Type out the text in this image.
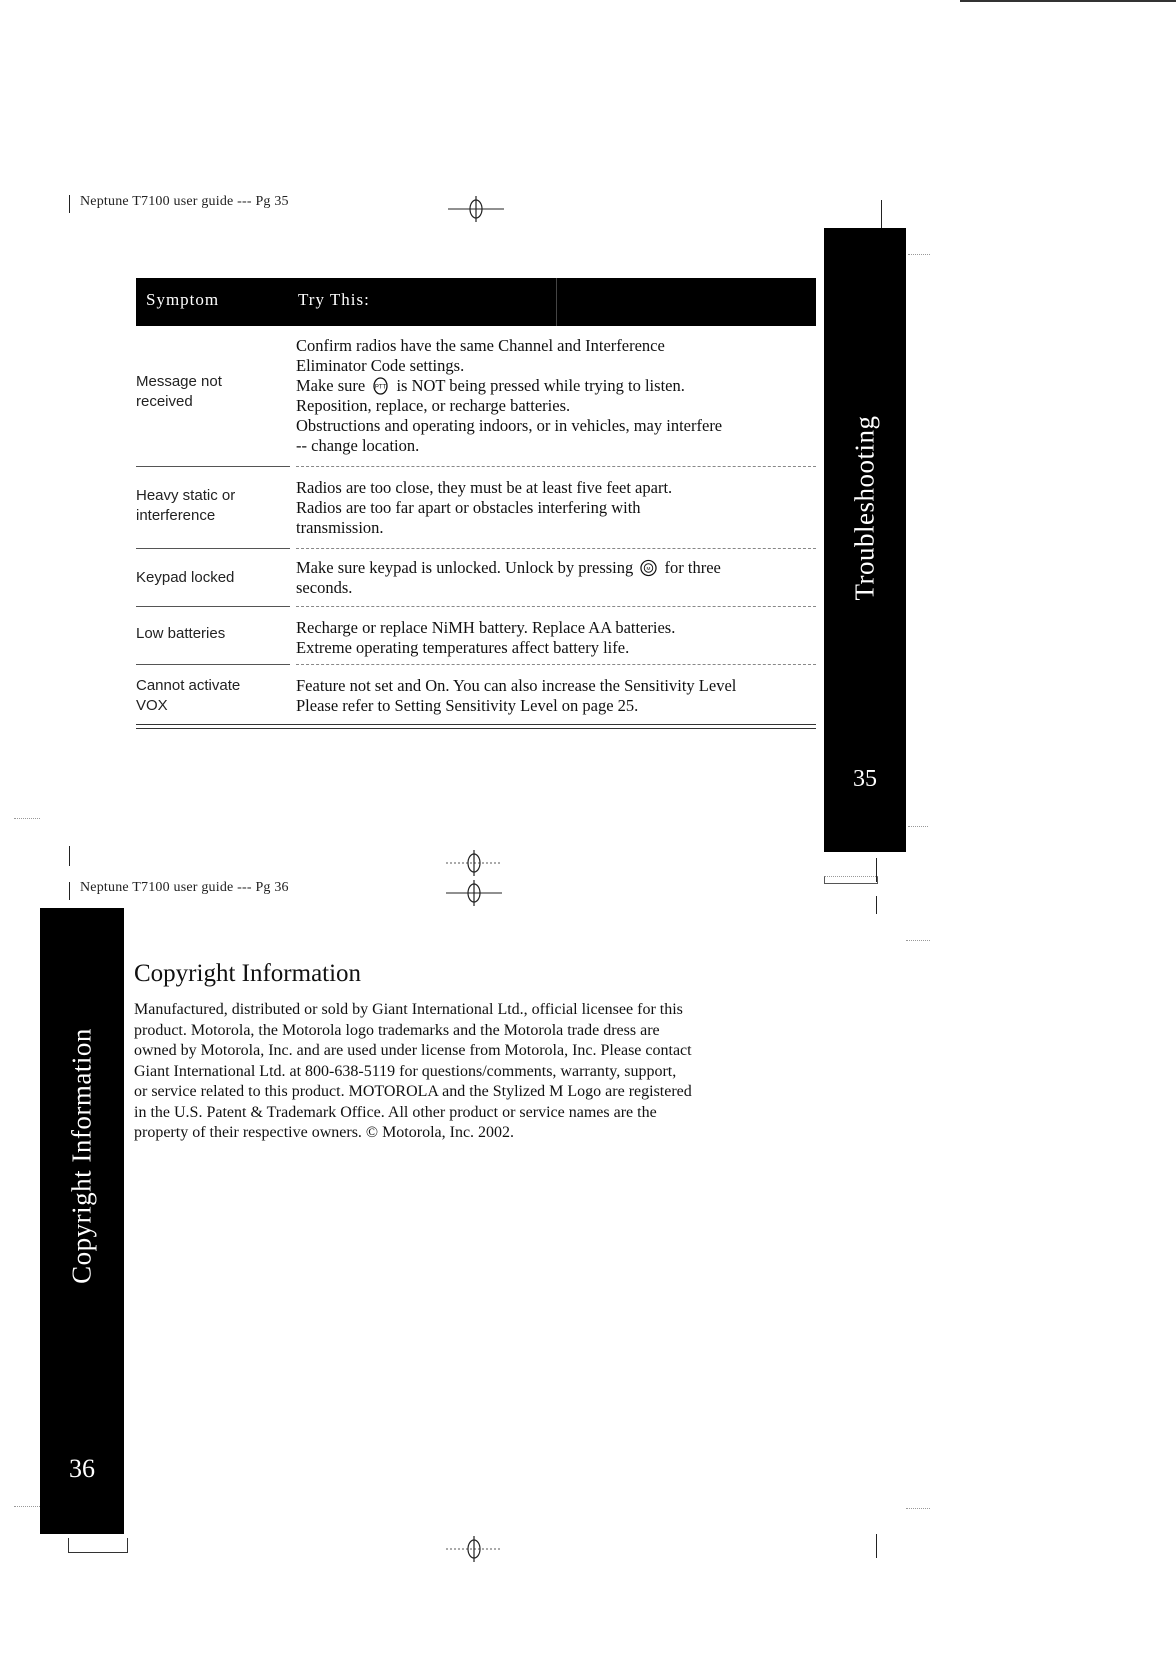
Neptune T7100 user guide --- Pg 35
Symptom	Try This:
Message not
received
Confirm radios have the same Channel and Interference
Eliminator Code settings.
Make sure PTT is NOT being pressed while trying to listen.
Reposition, replace, or recharge batteries.
Obstructions and operating indoors, or in vehicles, may interfere
-- change location.
Heavy static or
interference
Radios are too close, they must be at least five feet apart.
Radios are too far apart or obstacles interfering with
transmission.
Keypad locked
Make sure keypad is unlocked. Unlock by pressing M for three
seconds.
Low batteries	Recharge or replace NiMH battery. Replace AA batteries.
Extreme operating temperatures affect battery life.
Cannot activate
VOX
Feature not set and On. You can also increase the Sensitivity Level
Please refer to Setting Sensitivity Level on page 25.
Troubleshooting
35
Neptune T7100 user guide --- Pg 36
Copyright Information
36
Copyright Information
Manufactured, distributed or sold by Giant International Ltd., official licensee for this
product. Motorola, the Motorola logo trademarks and the Motorola trade dress are
owned by Motorola, Inc. and are used under license from Motorola, Inc. Please contact
Giant International Ltd. at 800-638-5119 for questions/comments, warranty, support,
or service related to this product. MOTOROLA and the Stylized M Logo are registered
in the U.S. Patent & Trademark Office. All other product or service names are the
property of their respective owners. © Motorola, Inc. 2002.
